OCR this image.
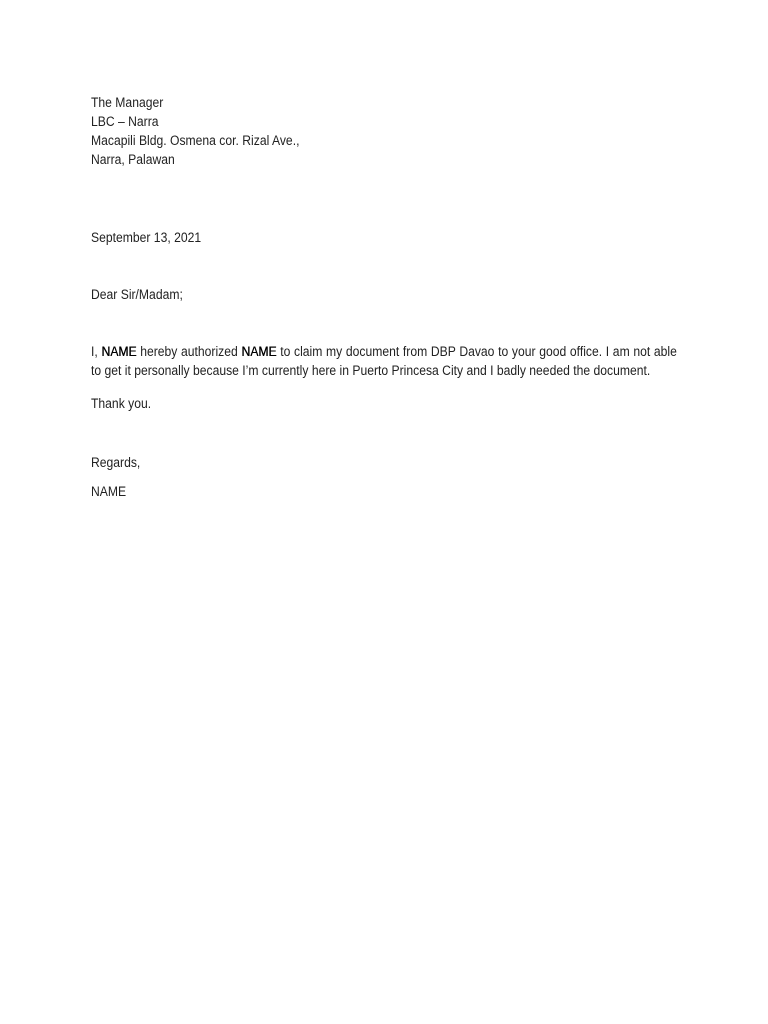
The Manager
LBC – Narra
Macapili Bldg. Osmena cor. Rizal Ave.,
Narra, Palawan
September 13, 2021
Dear Sir/Madam;

I, NAME hereby authorized NAME to claim my document from DBP Davao to your good office. I am not able to get it personally because I’m currently here in Puerto Princesa City and I badly needed the document.

Thank you.
Regards,
NAME
